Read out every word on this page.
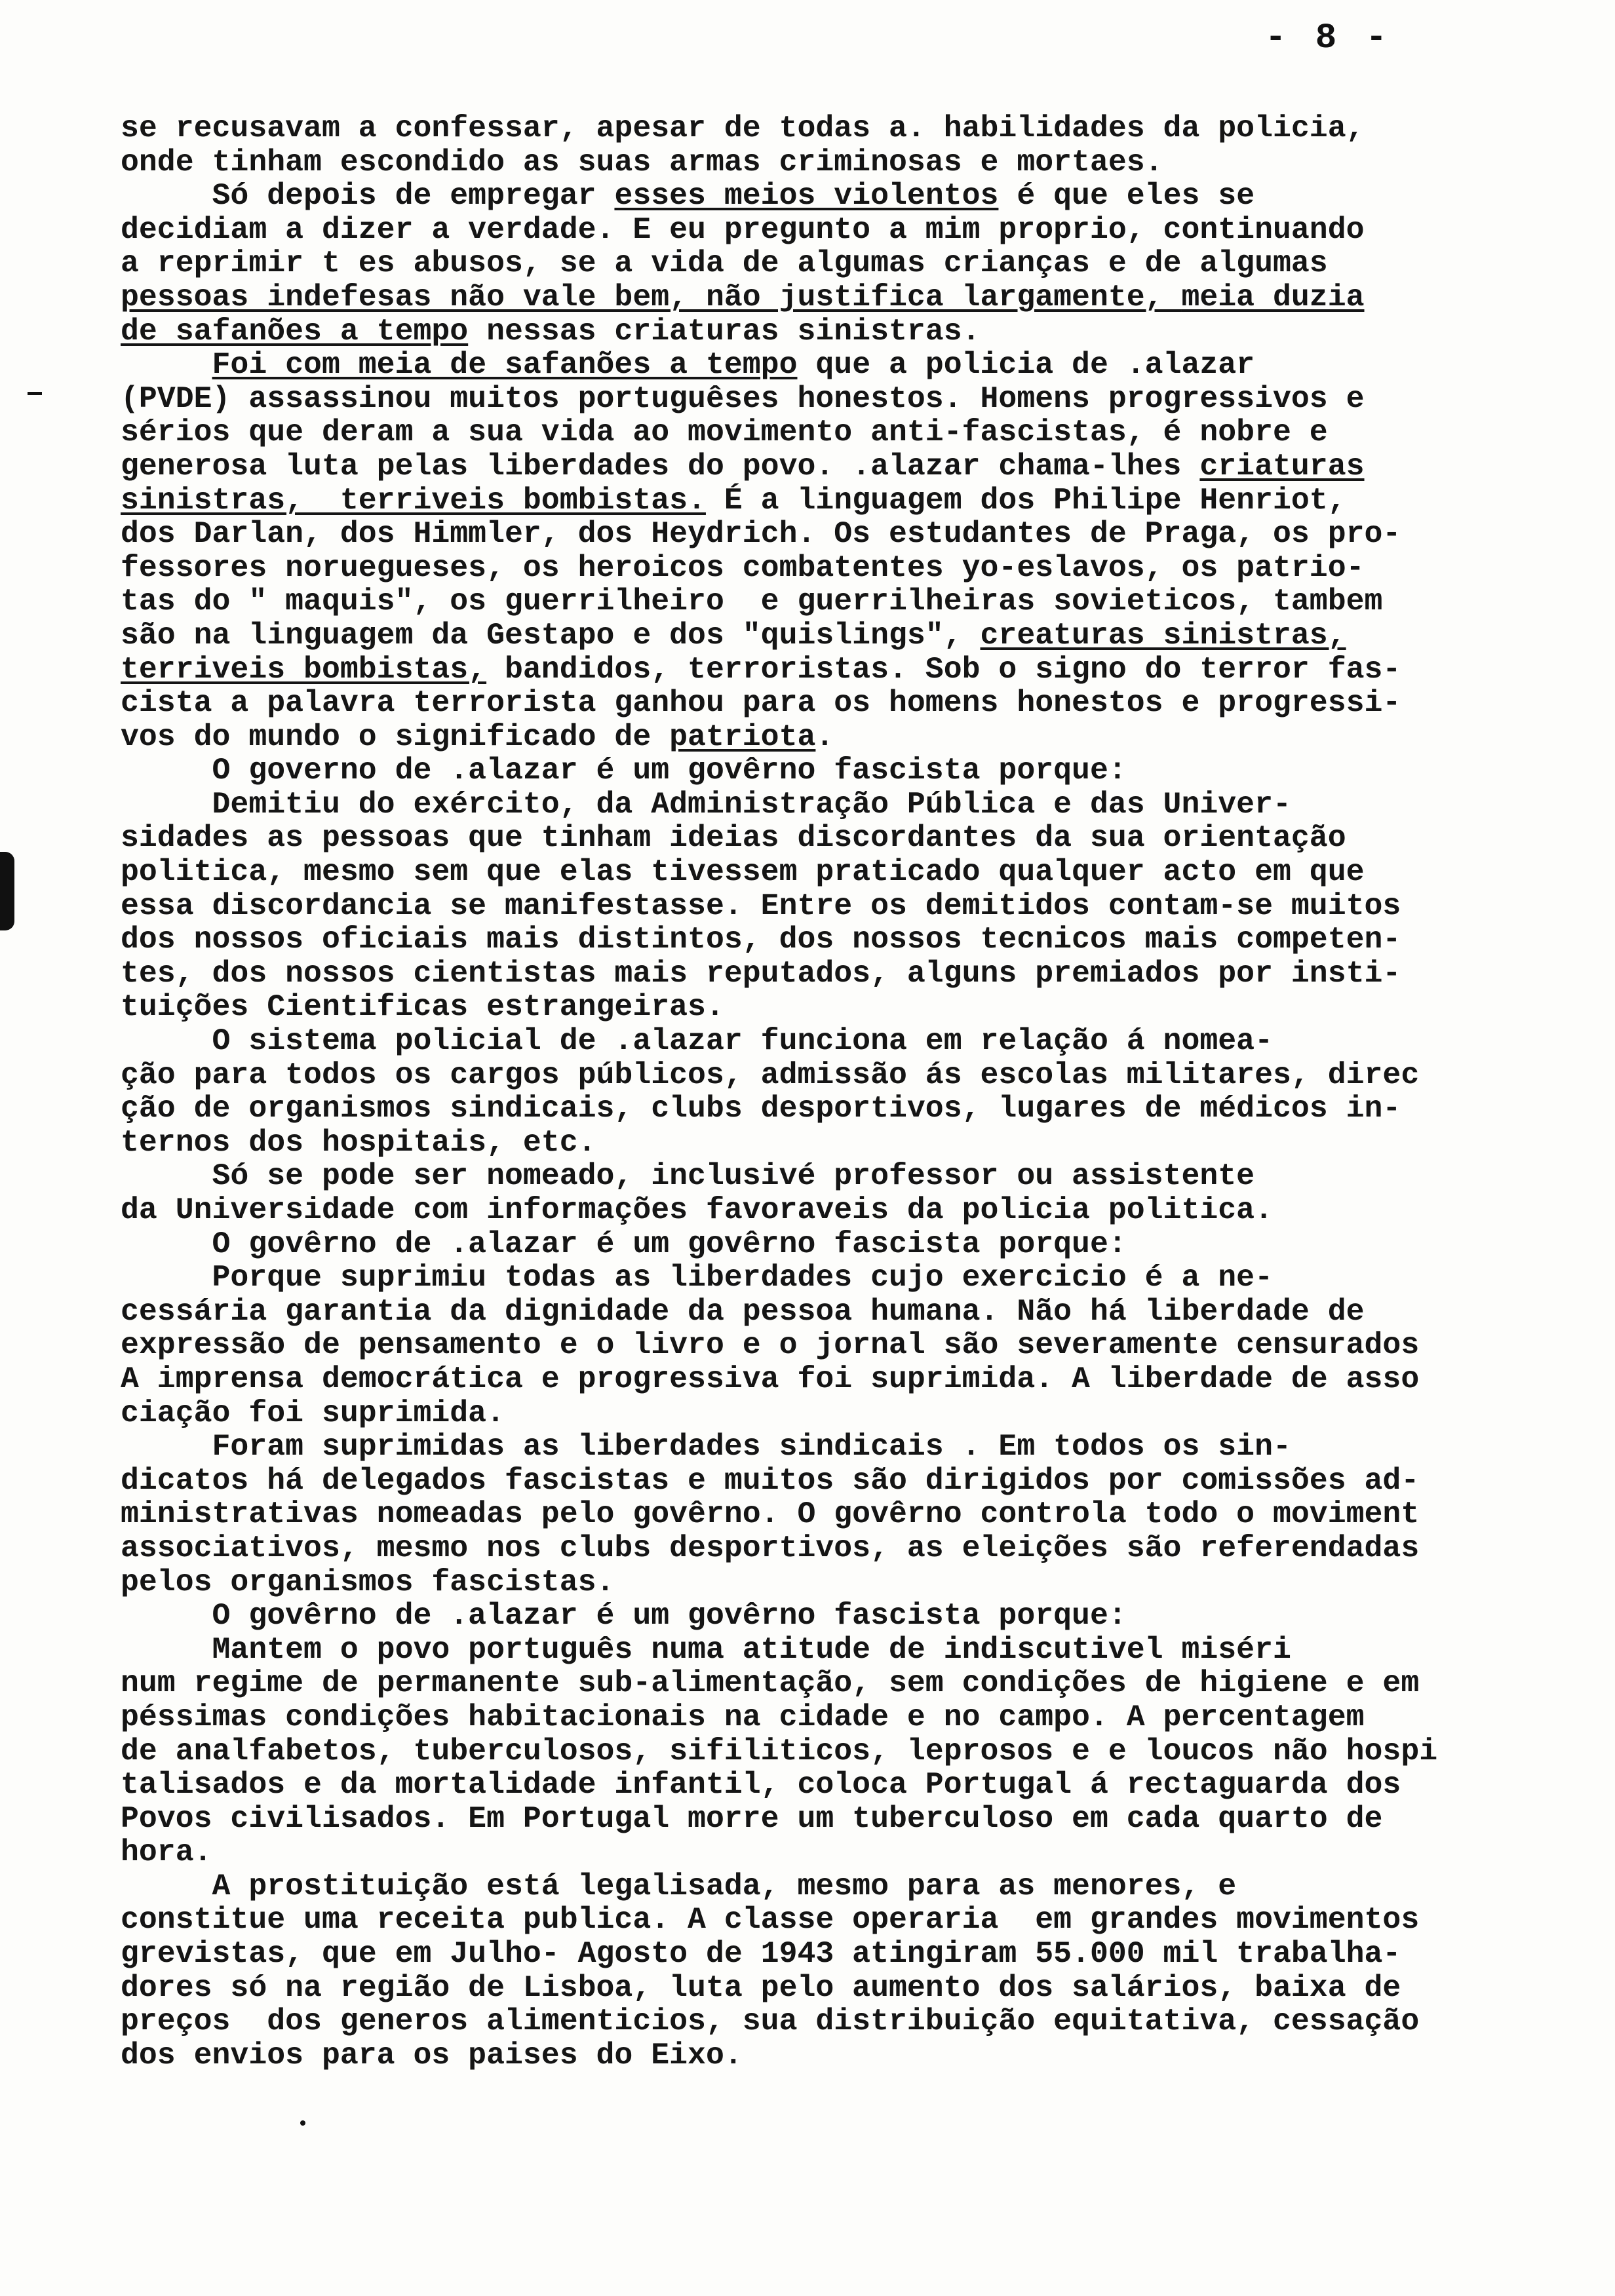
- 8 -
se recusavam a confessar, apesar de todas a. habilidades da policia,
onde tinham escondido as suas armas criminosas e mortaes.
Só depois de empregar esses meios violentos é que eles se
decidiam a dizer a verdade. E eu pregunto a mim proprio, continuando
a reprimir t es abusos, se a vida de algumas crianças e de algumas
pessoas indefesas não vale bem, não justifica largamente, meia duzia
de safanões a tempo nessas criaturas sinistras.
Foi com meia de safanões a tempo que a policia de .alazar
(PVDE) assassinou muitos portuguêses honestos. Homens progressivos e
sérios que deram a sua vida ao movimento anti-fascistas, é nobre e
generosa luta pelas liberdades do povo. .alazar chama-lhes criaturas
sinistras,  terriveis bombistas. É a linguagem dos Philipe Henriot,
dos Darlan, dos Himmler, dos Heydrich. Os estudantes de Praga, os pro-
fessores noruegueses, os heroicos combatentes yo-eslavos, os patrio-
tas do " maquis", os guerrilheiro  e guerrilheiras sovieticos, tambem
são na linguagem da Gestapo e dos "quislings", creaturas sinistras,
terriveis bombistas, bandidos, terroristas. Sob o signo do terror fas-
cista a palavra terrorista ganhou para os homens honestos e progressi-
vos do mundo o significado de patriota.
O governo de .alazar é um govêrno fascista porque:
Demitiu do exército, da Administração Pública e das Univer-
sidades as pessoas que tinham ideias discordantes da sua orientação
politica, mesmo sem que elas tivessem praticado qualquer acto em que
essa discordancia se manifestasse. Entre os demitidos contam-se muitos
dos nossos oficiais mais distintos, dos nossos tecnicos mais competen-
tes, dos nossos cientistas mais reputados, alguns premiados por insti-
tuições Cientificas estrangeiras.
O sistema policial de .alazar funciona em relação á nomea-
ção para todos os cargos públicos, admissão ás escolas militares, direc
ção de organismos sindicais, clubs desportivos, lugares de médicos in-
ternos dos hospitais, etc.
Só se pode ser nomeado, inclusivé professor ou assistente
da Universidade com informações favoraveis da policia politica.
O govêrno de .alazar é um govêrno fascista porque:
Porque suprimiu todas as liberdades cujo exercicio é a ne-
cessária garantia da dignidade da pessoa humana. Não há liberdade de
expressão de pensamento e o livro e o jornal são severamente censurados
A imprensa democrática e progressiva foi suprimida. A liberdade de asso
ciação foi suprimida.
Foram suprimidas as liberdades sindicais . Em todos os sin-
dicatos há delegados fascistas e muitos são dirigidos por comissões ad-
ministrativas nomeadas pelo govêrno. O govêrno controla todo o moviment
associativos, mesmo nos clubs desportivos, as eleições são referendadas
pelos organismos fascistas.
O govêrno de .alazar é um govêrno fascista porque:
Mantem o povo português numa atitude de indiscutivel miséri
num regime de permanente sub-alimentação, sem condições de higiene e em
péssimas condições habitacionais na cidade e no campo. A percentagem
de analfabetos, tuberculosos, sifiliticos, leprosos e e loucos não hospi
talisados e da mortalidade infantil, coloca Portugal á rectaguarda dos
Povos civilisados. Em Portugal morre um tuberculoso em cada quarto de
hora.
A prostituição está legalisada, mesmo para as menores, e
constitue uma receita publica. A classe operaria  em grandes movimentos
grevistas, que em Julho- Agosto de 1943 atingiram 55.000 mil trabalha-
dores só na região de Lisboa, luta pelo aumento dos salários, baixa de
preços  dos generos alimenticios, sua distribuição equitativa, cessação
dos envios para os paises do Eixo.
